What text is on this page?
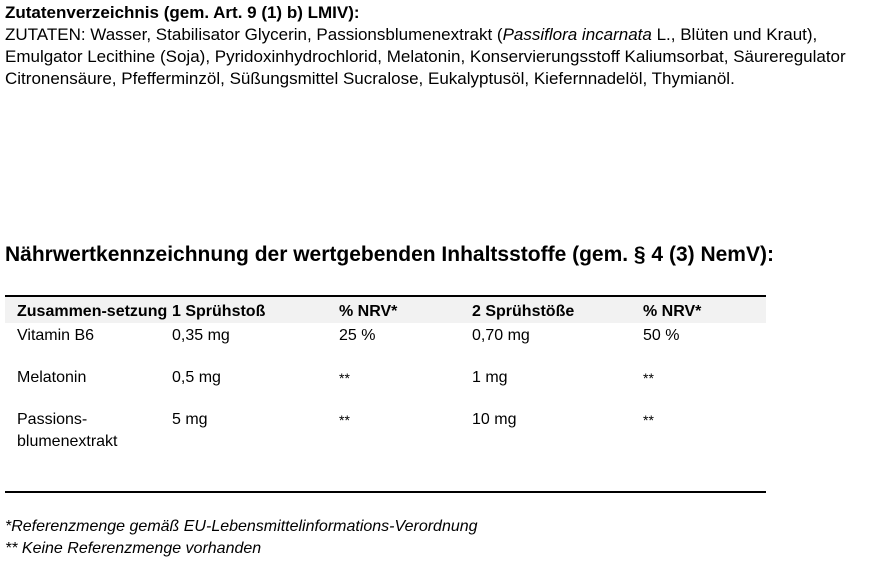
Zutatenverzeichnis (gem. Art. 9 (1) b) LMIV):
ZUTATEN: Wasser, Stabilisator Glycerin, Passionsblumenextrakt (Passiflora incarnata L., Blüten und Kraut), Emulgator Lecithine (Soja), Pyridoxinhydrochlorid, Melatonin, Konservierungsstoff Kaliumsorbat, Säureregulator Citronensäure, Pfefferminzöl, Süßungsmittel Sucralose, Eukalyptusöl, Kiefernnadelöl, Thymianöl.
Nährwertkennzeichnung der wertgebenden Inhaltsstoffe (gem. § 4 (3) NemV):
Zusammen-setzung	1 Sprühstoß	% NRV*	2 Sprühstöße	% NRV*
Vitamin B6	0,35 mg	25 %	0,70 mg	50 %
Melatonin	0,5 mg	**	1 mg	**
Passions-blumenextrakt	5 mg	**	10 mg	**
*Referenzmenge gemäß EU-Lebensmittelinformations-Verordnung
** Keine Referenzmenge vorhanden
